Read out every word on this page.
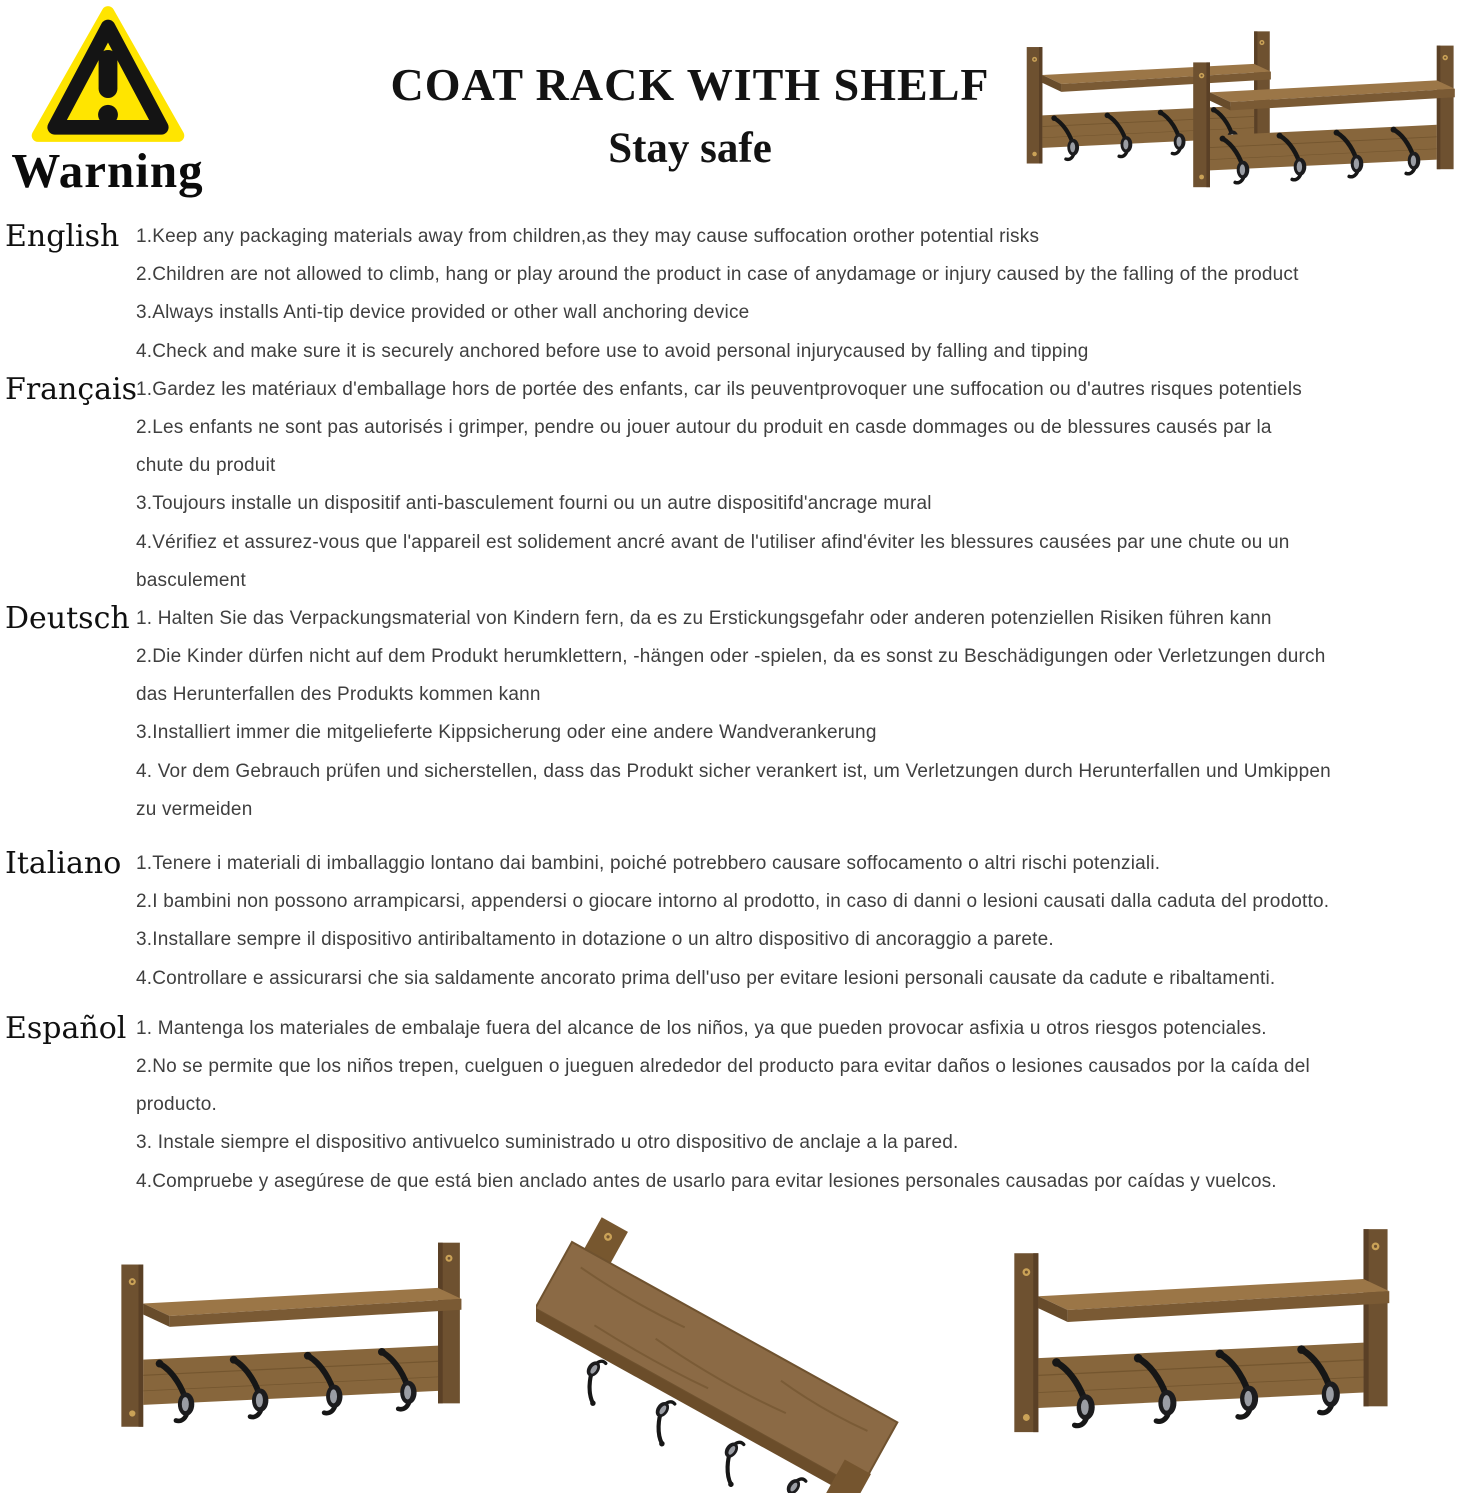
Warning
COAT RACK WITH SHELF
Stay safe
English 1.Keep any packaging materials away from children,as they may cause suffocation orother potential risks
2.Children are not allowed to climb, hang or play around the product in case of anydamage or injury caused by the falling of the product
3.Always installs Anti-tip device provided or other wall anchoring device
4.Check and make sure it is securely anchored before use to avoid personal injurycaused by falling and tipping
Français
1.Gardez les matériaux d'emballage hors de portée des enfants, car ils peuventprovoquer une suffocation ou d'autres risques potentiels
2.Les enfants ne sont pas autorisés i grimper, pendre ou jouer autour du produit en casde dommages ou de blessures causés par la
chute du produit
3.Toujours installe un dispositif anti-basculement fourni ou un autre dispositifd'ancrage mural
4.Vérifiez et assurez-vous que l'appareil est solidement ancré avant de l'utiliser afind'éviter les blessures causées par une chute ou un
basculement
Deutsch 1. Halten Sie das Verpackungsmaterial von Kindern fern, da es zu Erstickungsgefahr oder anderen potenziellen Risiken führen kann
2.Die Kinder dürfen nicht auf dem Produkt herumklettern, -hängen oder -spielen, da es sonst zu Beschädigungen oder Verletzungen durch
das Herunterfallen des Produkts kommen kann
3.Installiert immer die mitgelieferte Kippsicherung oder eine andere Wandverankerung
4. Vor dem Gebrauch prüfen und sicherstellen, dass das Produkt sicher verankert ist, um Verletzungen durch Herunterfallen und Umkippen
zu vermeiden
Italiano 1.Tenere i materiali di imballaggio lontano dai bambini, poiché potrebbero causare soffocamento o altri rischi potenziali.
2.I bambini non possono arrampicarsi, appendersi o giocare intorno al prodotto, in caso di danni o lesioni causati dalla caduta del prodotto.
3.Installare sempre il dispositivo antiribaltamento in dotazione o un altro dispositivo di ancoraggio a parete.
4.Controllare e assicurarsi che sia saldamente ancorato prima dell'uso per evitare lesioni personali causate da cadute e ribaltamenti.
Español 1. Mantenga los materiales de embalaje fuera del alcance de los niños, ya que pueden provocar asfixia u otros riesgos potenciales.
2.No se permite que los niños trepen, cuelguen o jueguen alrededor del producto para evitar daños o lesiones causados por la caída del
producto.
3. Instale siempre el dispositivo antivuelco suministrado u otro dispositivo de anclaje a la pared.
4.Compruebe y asegúrese de que está bien anclado antes de usarlo para evitar lesiones personales causadas por caídas y vuelcos.
